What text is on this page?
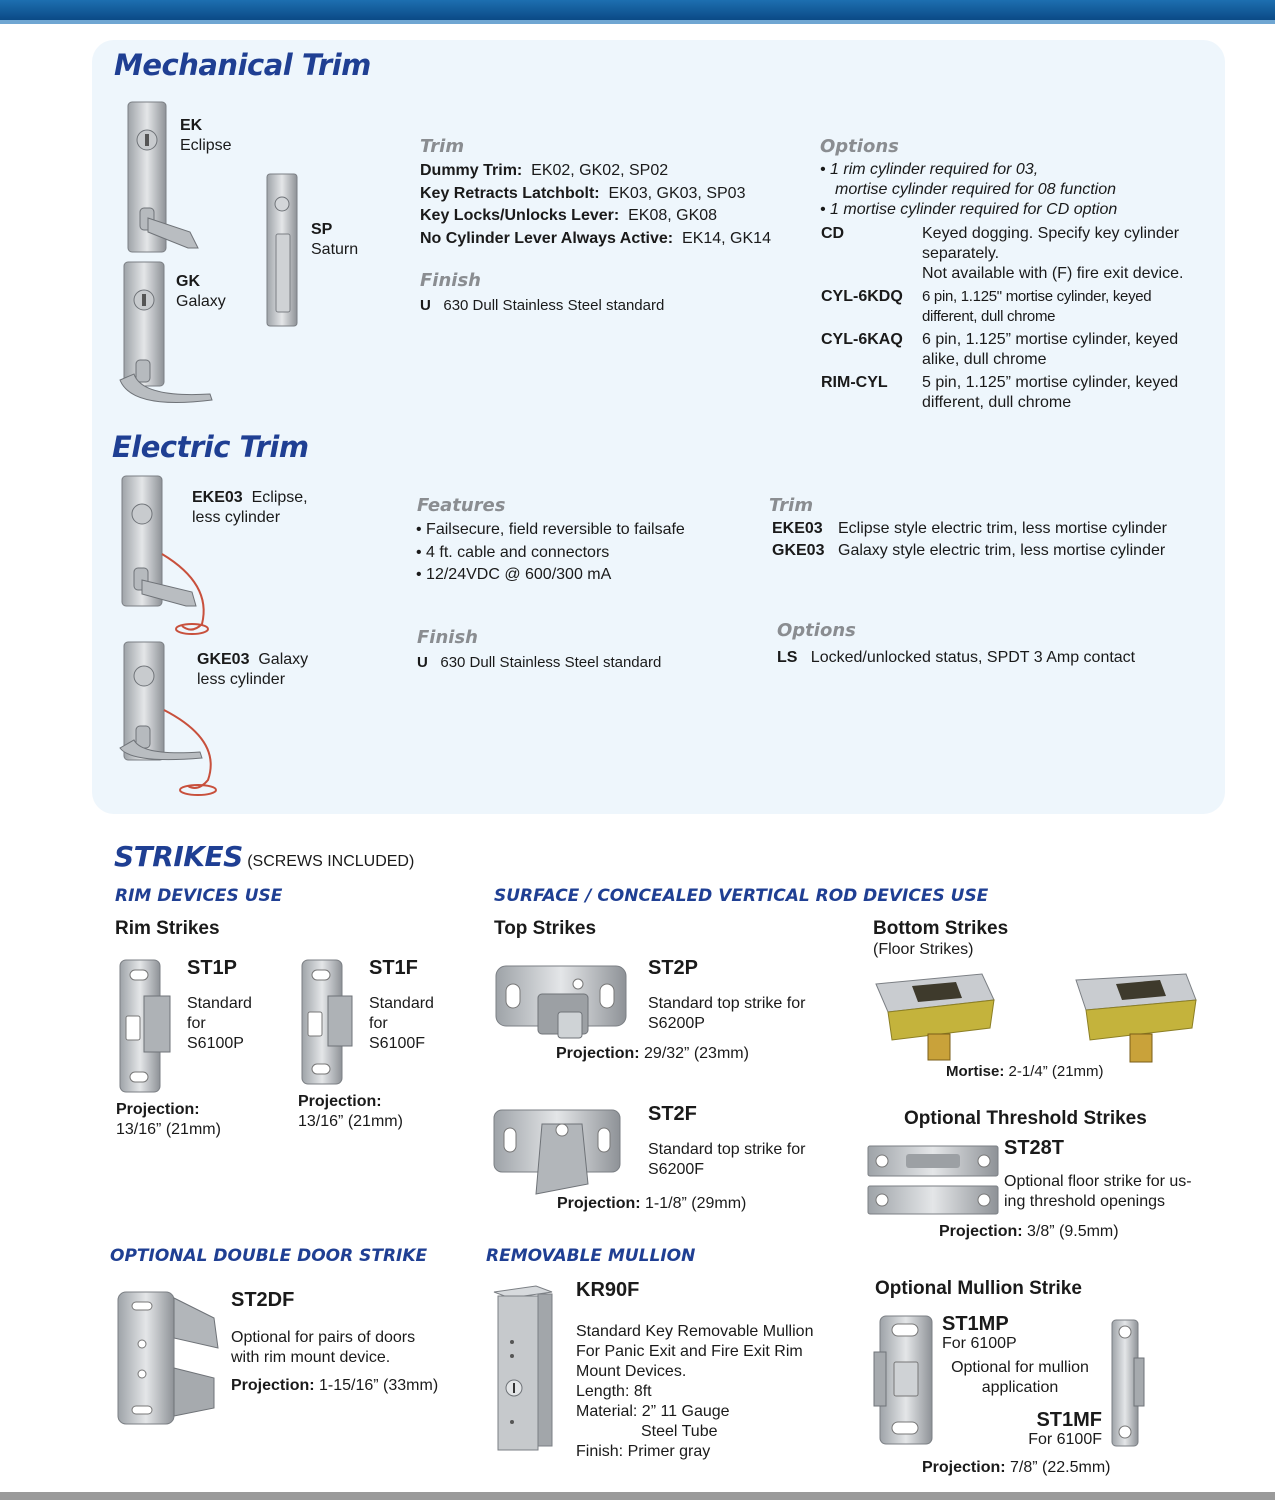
Mechanical Trim
EK
Eclipse
SP
Saturn
GK
Galaxy
Trim
Dummy Trim: EK02, GK02, SP02
Key Retracts Latchbolt: EK03, GK03, SP03
Key Locks/Unlocks Lever: EK08, GK08
No Cylinder Lever Always Active: EK14, GK14
Finish
U 630 Dull Stainless Steel standard
Options
• 1 rim cylinder required for 03,
mortise cylinder required for 08 function
• 1 mortise cylinder required for CD option
CD	Keyed dogging. Specify key cylinder
separately.
Not available with (F) fire exit device.

CYL-6KDQ	6 pin, 1.125" mortise cylinder, keyed
different, dull chrome

CYL-6KAQ	6 pin, 1.125” mortise cylinder, keyed
alike, dull chrome

RIM-CYL	5 pin, 1.125” mortise cylinder, keyed
different, dull chrome
Electric Trim
EKE03 Eclipse,
less cylinder
GKE03 Galaxy
less cylinder
Features
• Failsecure, field reversible to failsafe
• 4 ft. cable and connectors
• 12/24VDC @ 600/300 mA
Finish
U 630 Dull Stainless Steel standard
Trim
EKE03 Eclipse style electric trim, less mortise cylinder
GKE03 Galaxy style electric trim, less mortise cylinder
Options
LS Locked/unlocked status, SPDT 3 Amp contact
STRIKES (SCREWS INCLUDED)
RIM DEVICES USE
Rim Strikes
ST1P
Standard
for
S6100P
Projection:
13/16” (21mm)
ST1F
Standard
for
S6100F
Projection:
13/16” (21mm)
SURFACE / CONCEALED VERTICAL ROD DEVICES USE
Top Strikes
ST2P
Standard top strike for
S6200P
Projection: 29/32” (23mm)
ST2F
Standard top strike for
S6200F
Projection: 1-1/8” (29mm)
Bottom Strikes
(Floor Strikes)
Mortise: 2-1/4” (21mm)
Optional Threshold Strikes
ST28T
Optional floor strike for us-
ing threshold openings
Projection: 3/8” (9.5mm)
OPTIONAL DOUBLE DOOR STRIKE
ST2DF
Optional for pairs of doors
with rim mount device.
Projection: 1-15/16” (33mm)
REMOVABLE MULLION
KR90F
Standard Key Removable Mullion
For Panic Exit and Fire Exit Rim
Mount Devices.
Length: 8ft
Material: 2” 11 Gauge
Steel Tube
Finish: Primer gray
Optional Mullion Strike
ST1MP
For 6100P
Optional for mullion
application
ST1MF
For 6100F
Projection: 7/8” (22.5mm)
